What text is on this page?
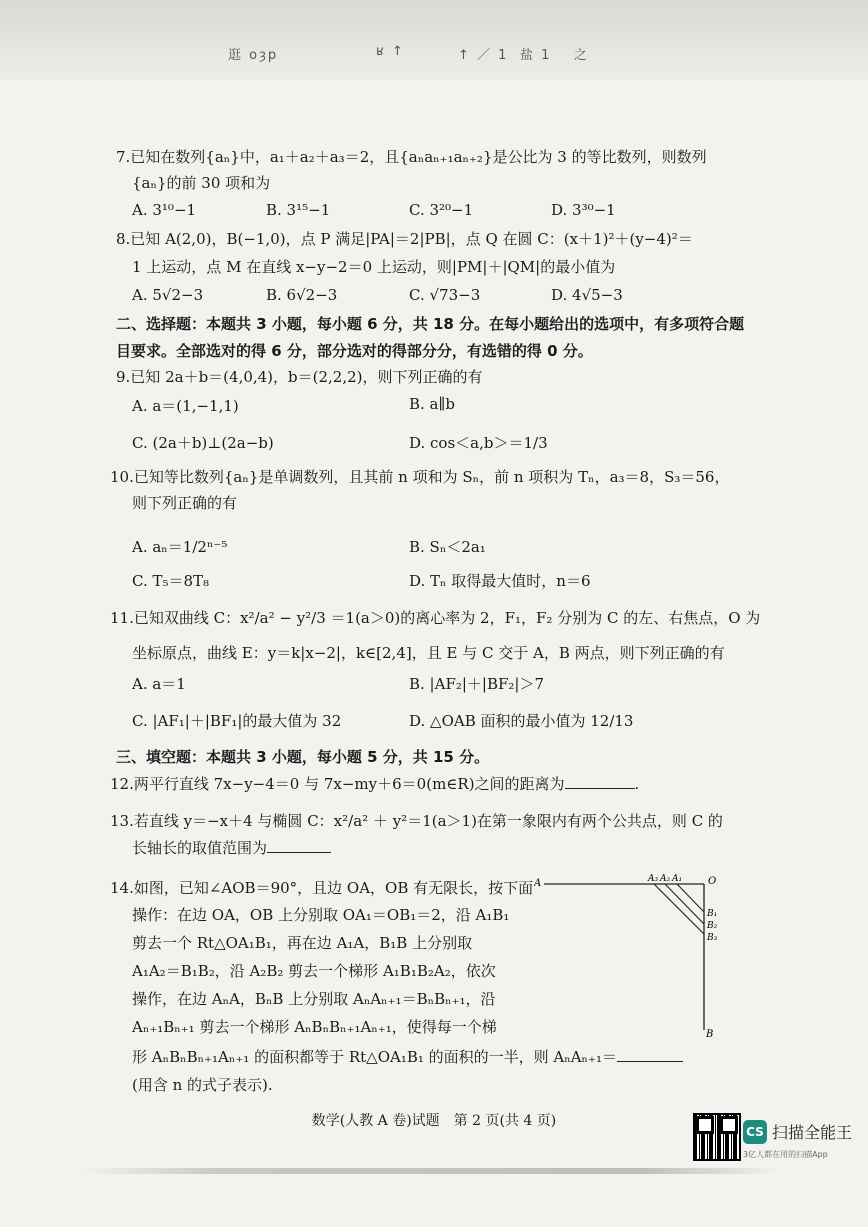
逛 oȝp	ʁ ↑	↑ ／ 1 盐 1 之
7.已知在数列{aₙ}中，a₁＋a₂＋a₃＝2，且{aₙaₙ₊₁aₙ₊₂}是公比为 3 的等比数列，则数列
{aₙ}的前 30 项和为
A. 3¹⁰−1	B. 3¹⁵−1	C. 3²⁰−1	D. 3³⁰−1
8.已知 A(2,0)，B(−1,0)，点 P 满足|PA|＝2|PB|，点 Q 在圆 C：(x＋1)²＋(y−4)²＝
1 上运动，点 M 在直线 x−y−2＝0 上运动，则|PM|＋|QM|的最小值为
A. 5√2−3	B. 6√2−3	C. √73−3	D. 4√5−3
二、选择题：本题共 3 小题，每小题 6 分，共 18 分。在每小题给出的选项中，有多项符合题
目要求。全部选对的得 6 分，部分选对的得部分分，有选错的得 0 分。
9.已知 2a＋b＝(4,0,4)，b＝(2,2,2)，则下列正确的有
A. a＝(1,−1,1)	B. a∥b
C. (2a＋b)⊥(2a−b)	D. cos＜a,b＞＝1/3
10.已知等比数列{aₙ}是单调数列，且其前 n 项和为 Sₙ，前 n 项积为 Tₙ，a₃＝8，S₃＝56，
则下列正确的有
A. aₙ＝1/2ⁿ⁻⁵	B. Sₙ＜2a₁
C. T₅＝8T₈	D. Tₙ 取得最大值时，n＝6
11.已知双曲线 C：x²/a² − y²/3 ＝1(a＞0)的离心率为 2，F₁，F₂ 分别为 C 的左、右焦点，O 为
坐标原点，曲线 E：y＝k|x−2|，k∈[2,4]，且 E 与 C 交于 A，B 两点，则下列正确的有
A. a＝1	B. |AF₂|＋|BF₂|＞7
C. |AF₁|＋|BF₁|的最大值为 32	D. △OAB 面积的最小值为 12/13
三、填空题：本题共 3 小题，每小题 5 分，共 15 分。
12.两平行直线 7x−y−4＝0 与 7x−my＋6＝0(m∈R)之间的距离为	.
13.若直线 y＝−x＋4 与椭圆 C：x²/a² ＋ y²＝1(a＞1)在第一象限内有两个公共点，则 C 的
长轴长的取值范围为
14.如图，已知∠AOB＝90°，且边 OA，OB 有无限长，按下面
操作：在边 OA，OB 上分别取 OA₁＝OB₁＝2，沿 A₁B₁
剪去一个 Rt△OA₁B₁，再在边 A₁A，B₁B 上分别取
A₁A₂＝B₁B₂，沿 A₂B₂ 剪去一个梯形 A₁B₁B₂A₂，依次
操作，在边 AₙA，BₙB 上分别取 AₙAₙ₊₁＝BₙBₙ₊₁，沿
Aₙ₊₁Bₙ₊₁ 剪去一个梯形 AₙBₙBₙ₊₁Aₙ₊₁，使得每一个梯
形 AₙBₙBₙ₊₁Aₙ₊₁ 的面积都等于 Rt△OA₁B₁ 的面积的一半，则 AₙAₙ₊₁＝
(用含 n 的式子表示).
A	O
A₃ A₂ A₁
B₁
B₂
B₃
B
数学(人教 A 卷)试题　第 2 页(共 4 页)
CS 扫描全能王
3亿人都在用的扫描App
